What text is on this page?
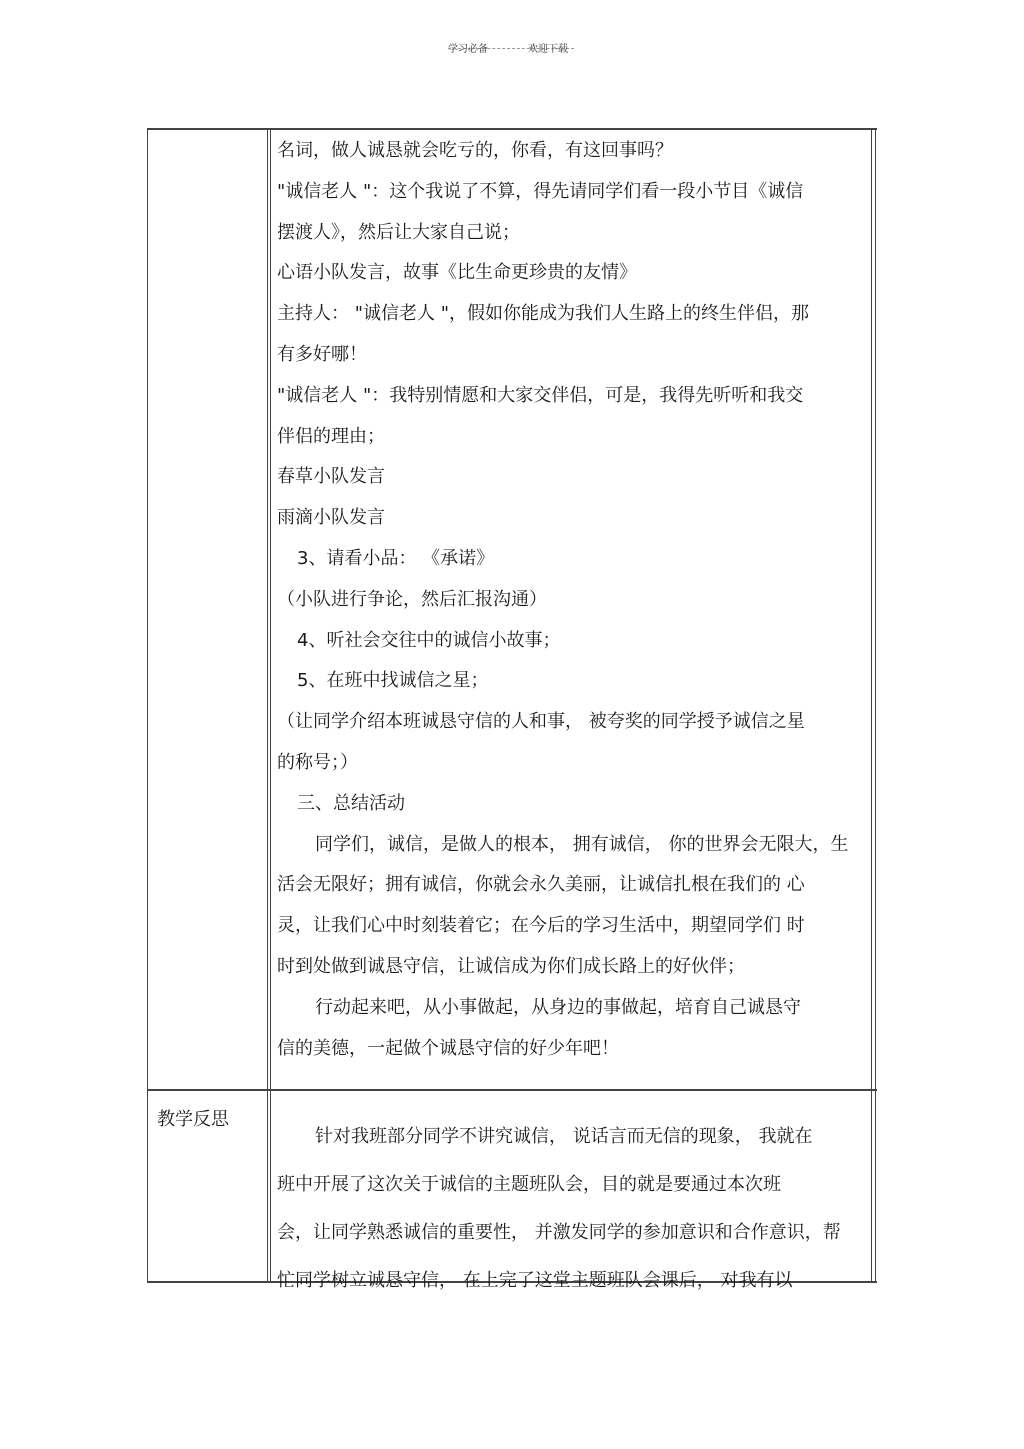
学习必备	欢迎下载

名词，做人诚恳就会吃亏的，你看，有这回事吗？

"诚信老人 "：这个我说了不算，得先请同学们看一段小节目《诚信

摆渡人》，然后让大家自己说；

心语小队发言，故事《比生命更珍贵的友情》

主持人： "诚信老人 "，假如你能成为我们人生路上的终生伴侣，那

有多好哪！

"诚信老人 "：我特别情愿和大家交伴侣，可是，我得先听听和我交

伴侣的理由；

春草小队发言

雨滴小队发言

3、请看小品： 《承诺》

（小队进行争论，然后汇报沟通）

4、听社会交往中的诚信小故事；

5、在班中找诚信之星；

（让同学介绍本班诚恳守信的人和事， 被夸奖的同学授予诚信之星

的称号；）

三、总结活动

同学们，诚信，是做人的根本， 拥有诚信， 你的世界会无限大，生

活会无限好；拥有诚信，你就会永久美丽，让诚信扎根在我们的 心

灵，让我们心中时刻装着它；在今后的学习生活中，期望同学们 时

时到处做到诚恳守信，让诚信成为你们成长路上的好伙伴；

行动起来吧，从小事做起，从身边的事做起，培育自己诚恳守

信的美德，一起做个诚恳守信的好少年吧！

教学反思

针对我班部分同学不讲究诚信， 说话言而无信的现象， 我就在

班中开展了这次关于诚信的主题班队会，目的就是要通过本次班

会，让同学熟悉诚信的重要性， 并激发同学的参加意识和合作意识，帮

忙同学树立诚恳守信， 在上完了这堂主题班队会课后， 对我有以
